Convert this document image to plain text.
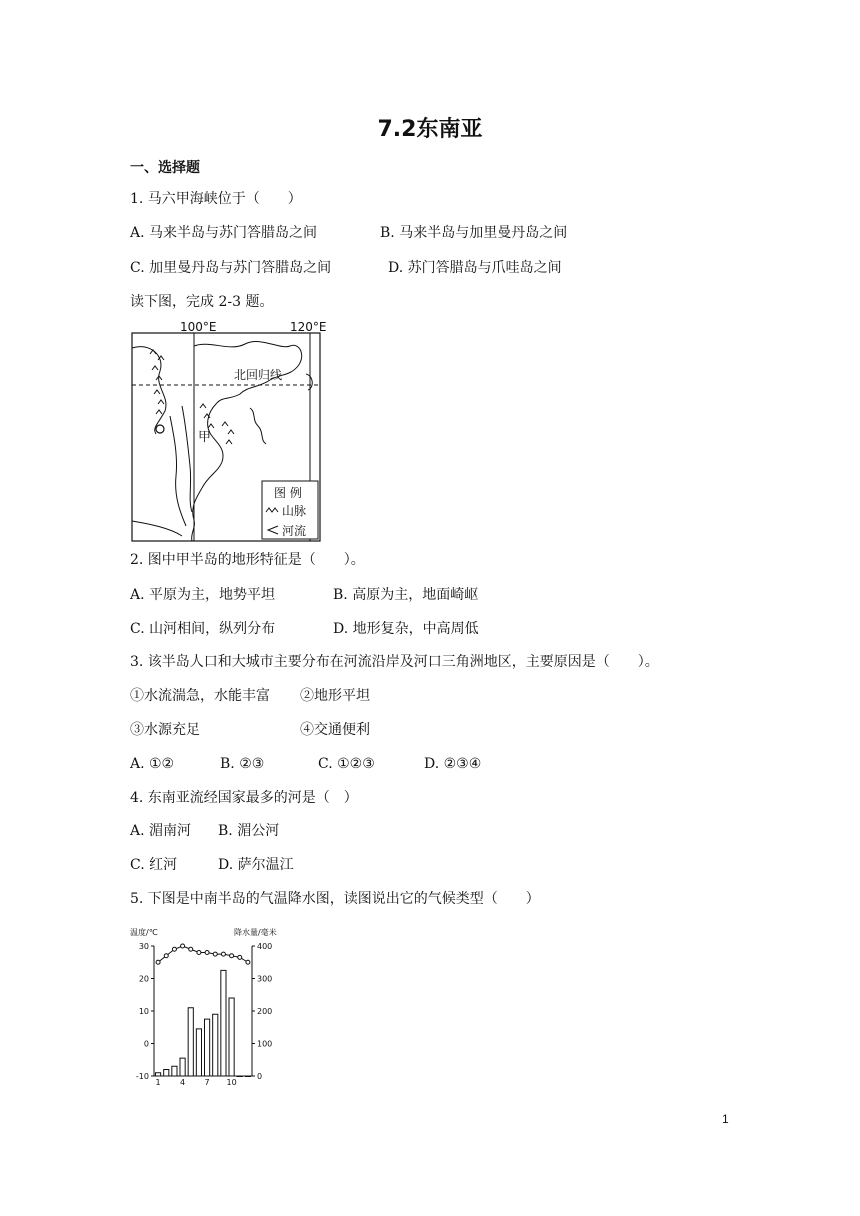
7.2东南亚
一、选择题
1. 马六甲海峡位于（　　）
A. 马来半岛与苏门答腊岛之间	B. 马来半岛与加里曼丹岛之间
C. 加里曼丹岛与苏门答腊岛之间	D. 苏门答腊岛与爪哇岛之间
读下图，完成 2-3 题。
100°E	120°E
北回归线
甲
图 例
山脉
河流
2. 图中甲半岛的地形特征是（　　）。
A. 平原为主，地势平坦	B. 高原为主，地面崎岖
C. 山河相间，纵列分布	D. 地形复杂，中高周低
3. 该半岛人口和大城市主要分布在河流沿岸及河口三角洲地区，主要原因是（　　）。
①水流湍急，水能丰富 ②地形平坦
③水源充足	④交通便利
A. ①②	B. ②③	C. ①②③	D. ②③④
4. 东南亚流经国家最多的河是（　）
A. 湄南河 B. 湄公河
C. 红河	D. 萨尔温江
5. 下图是中南半岛的气温降水图，读图说出它的气候类型（　　）
温度/℃	降水量/毫米
30
20
10
0
-10
400
300
200
100
0
1 4 7 10
1
